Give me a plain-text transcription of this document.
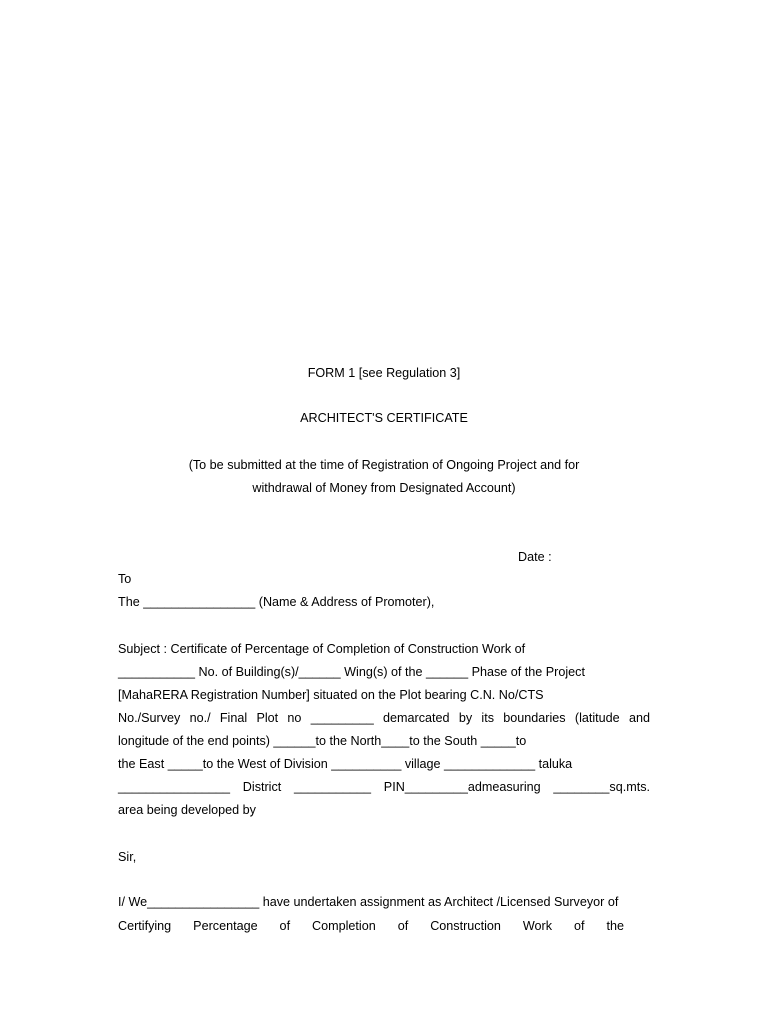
FORM 1 [see Regulation 3]
ARCHITECT'S CERTIFICATE
(To be submitted at the time of Registration of Ongoing Project and for
withdrawal of Money from Designated Account)
Date :
To
The ________________ (Name & Address of Promoter),
Subject : Certificate of Percentage of Completion of Construction Work of
___________ No. of Building(s)/______ Wing(s) of the ______ Phase of the Project
[MahaRERA Registration Number] situated on the Plot bearing C.N. No/CTS
No./Survey no./ Final Plot no _________ demarcated by its boundaries (latitude and
longitude of the end points) ______to the North____to the South _____to
the East _____to the West of Division __________ village _____________ taluka
________________ District ___________ PIN_________admeasuring ________sq.mts.
area being developed by
Sir,
I/ We________________ have undertaken assignment as Architect /Licensed Surveyor of
Certifying Percentage of Completion of Construction Work of the
